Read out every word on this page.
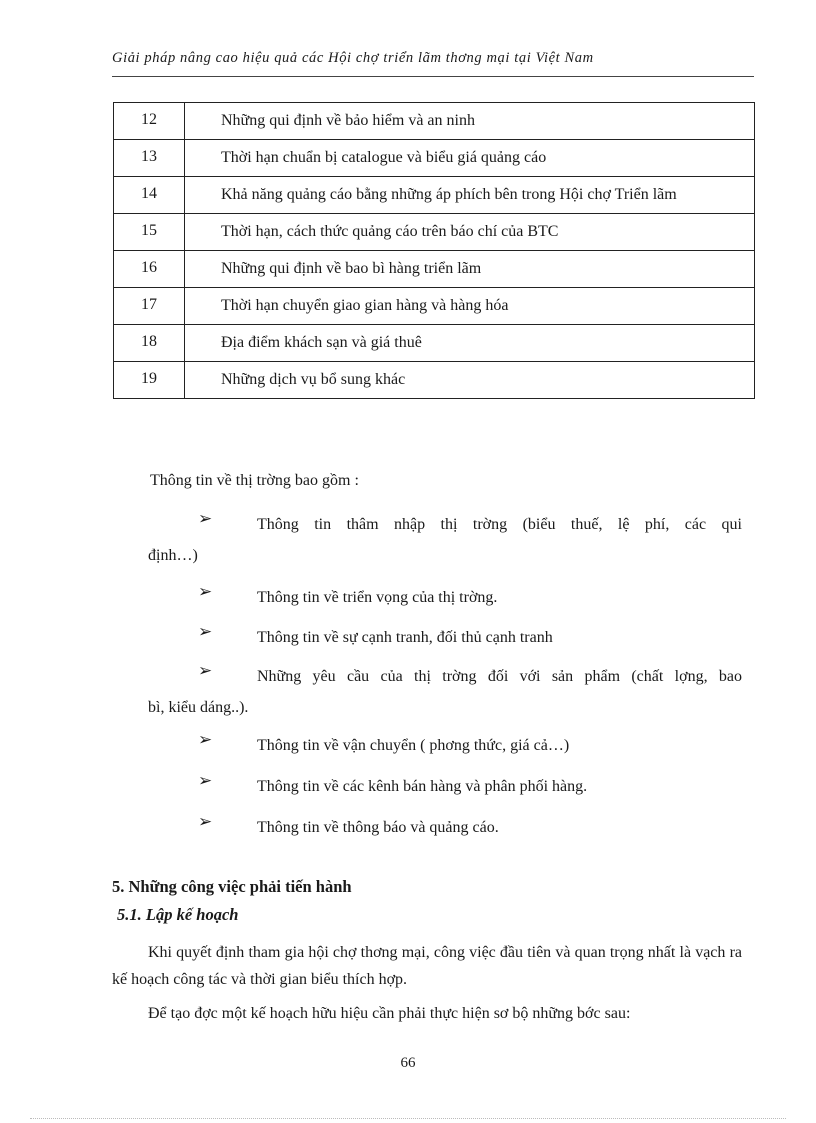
Giải pháp nâng cao hiệu quả các Hội chợ triển lãm thơng mại tại Việt Nam
12	Những qui định về bảo hiểm và an ninh
13	Thời hạn chuẩn bị catalogue và biểu giá quảng cáo
14	Khả năng quảng cáo bằng những áp phích bên trong Hội chợ Triển lãm
15	Thời hạn, cách thức quảng cáo trên báo chí của BTC
16	Những qui định về bao bì hàng triển lãm
17	Thời hạn chuyển giao gian hàng và hàng hóa
18	Địa điểm khách sạn và giá thuê
19	Những dịch vụ bổ sung khác
Thông tin về thị trờng bao gồm :
➢	Thông tin thâm nhập thị trờng (biểu thuế, lệ phí, các qui
định…)
➢	Thông tin về triển vọng của thị trờng.
➢	Thông tin về sự cạnh tranh, đối thủ cạnh tranh
➢	Những yêu cầu của thị trờng đối với sản phẩm (chất lợng, bao
bì, kiểu dáng..).
➢	Thông tin về vận chuyển ( phơng thức, giá cả…)
➢	Thông tin về các kênh bán hàng và phân phối hàng.
➢	Thông tin về thông báo và quảng cáo.
5. Những công việc phải tiến hành
5.1. Lập kế hoạch
Khi quyết định tham gia hội chợ thơng mại, công việc đầu tiên và quan trọng nhất là vạch ra kế hoạch công tác và thời gian biểu thích hợp.
Để tạo đợc một kế hoạch hữu hiệu cần phải thực hiện sơ bộ những bớc sau:
66
